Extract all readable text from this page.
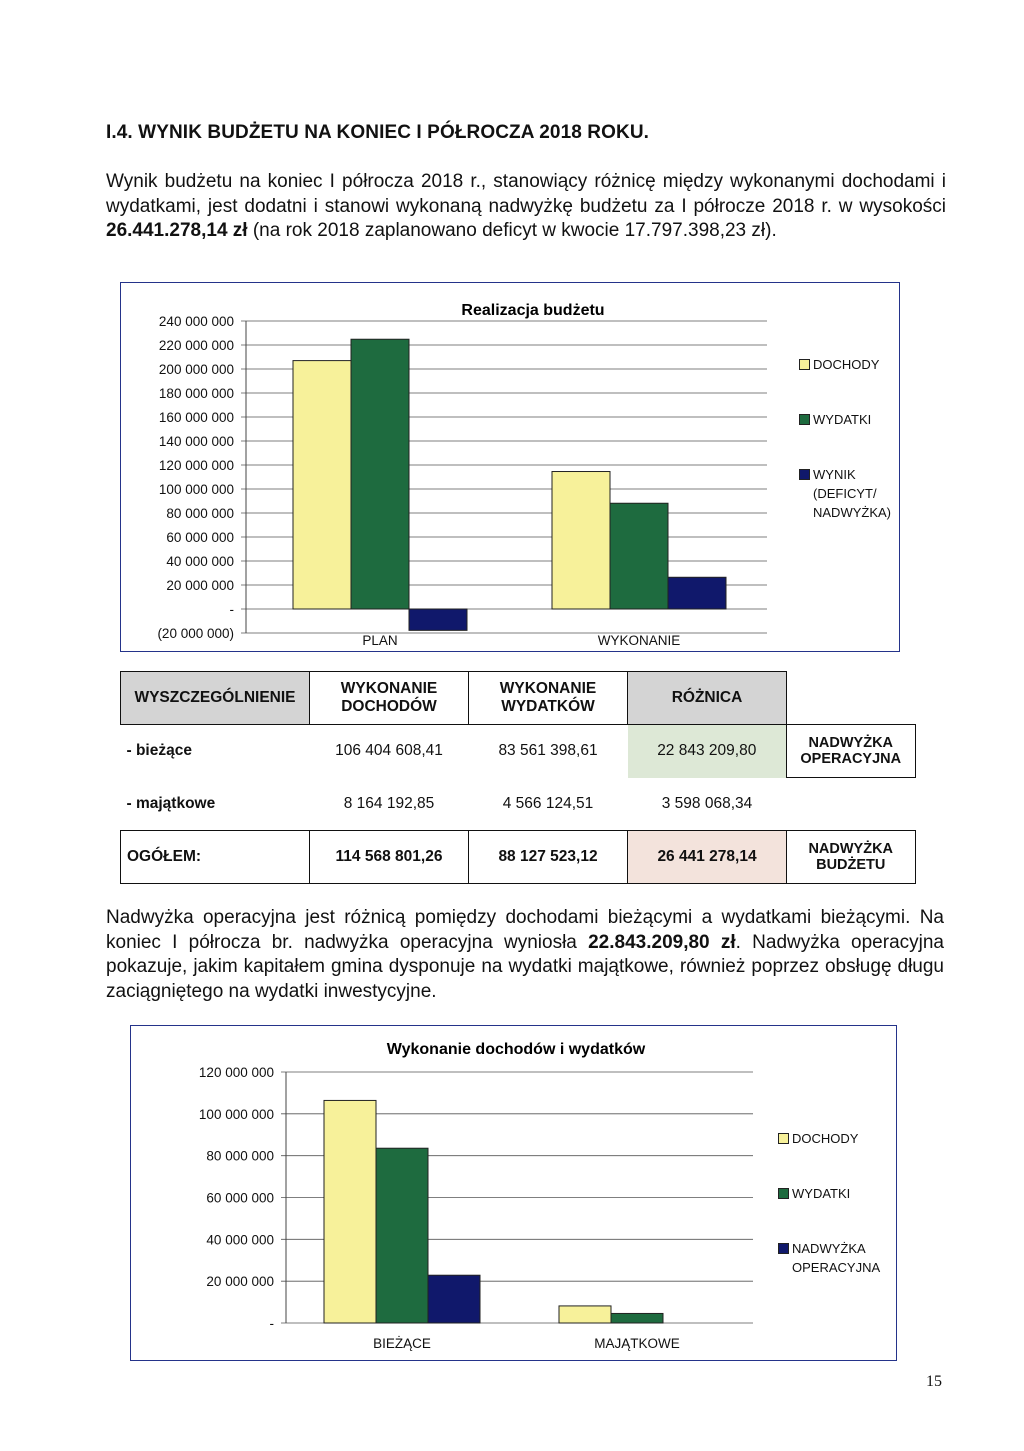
I.4. WYNIK BUDŻETU NA KONIEC I PÓŁROCZA 2018 ROKU.
Wynik budżetu na koniec I półrocza 2018 r., stanowiący różnicę między wykonanymi dochodami i wydatkami, jest dodatni i stanowi wykonaną nadwyżkę budżetu za I półrocze 2018 r. w wysokości 26.441.278,14 zł (na rok 2018 zaplanowano deficyt w kwocie 17.797.398,23 zł).
Realizacja budżetu
240 000 000
220 000 000
200 000 000
180 000 000
160 000 000
140 000 000
120 000 000
100 000 000
80 000 000
60 000 000
40 000 000
20 000 000
-
(20 000 000)	PLAN	WYKONANIE
DOCHODY
WYDATKI
WYNIK
(DEFICYT/
NADWYŻKA)
WYSZCZEGÓLNIENIE	WYKONANIE DOCHODÓW	WYKONANIE WYDATKÓW	RÓŻNICA	
- bieżące	106 404 608,41	83 561 398,61	22 843 209,80	NADWYŻKA OPERACYJNA
- majątkowe	8 164 192,85	4 566 124,51	3 598 068,34	
OGÓŁEM:	114 568 801,26	88 127 523,12	26 441 278,14	NADWYŻKA BUDŻETU
Nadwyżka operacyjna jest różnicą pomiędzy dochodami bieżącymi a wydatkami bieżącymi. Na koniec I półrocza br. nadwyżka operacyjna wyniosła 22.843.209,80 zł. Nadwyżka operacyjna pokazuje, jakim kapitałem gmina dysponuje na wydatki majątkowe, również poprzez obsługę długu zaciągniętego na wydatki inwestycyjne.
Wykonanie dochodów i wydatków
120 000 000
100 000 000
80 000 000
60 000 000
40 000 000
20 000 000
-
BIEŻĄCE	MAJĄTKOWE
DOCHODY
WYDATKI
NADWYŻKA
OPERACYJNA
15
